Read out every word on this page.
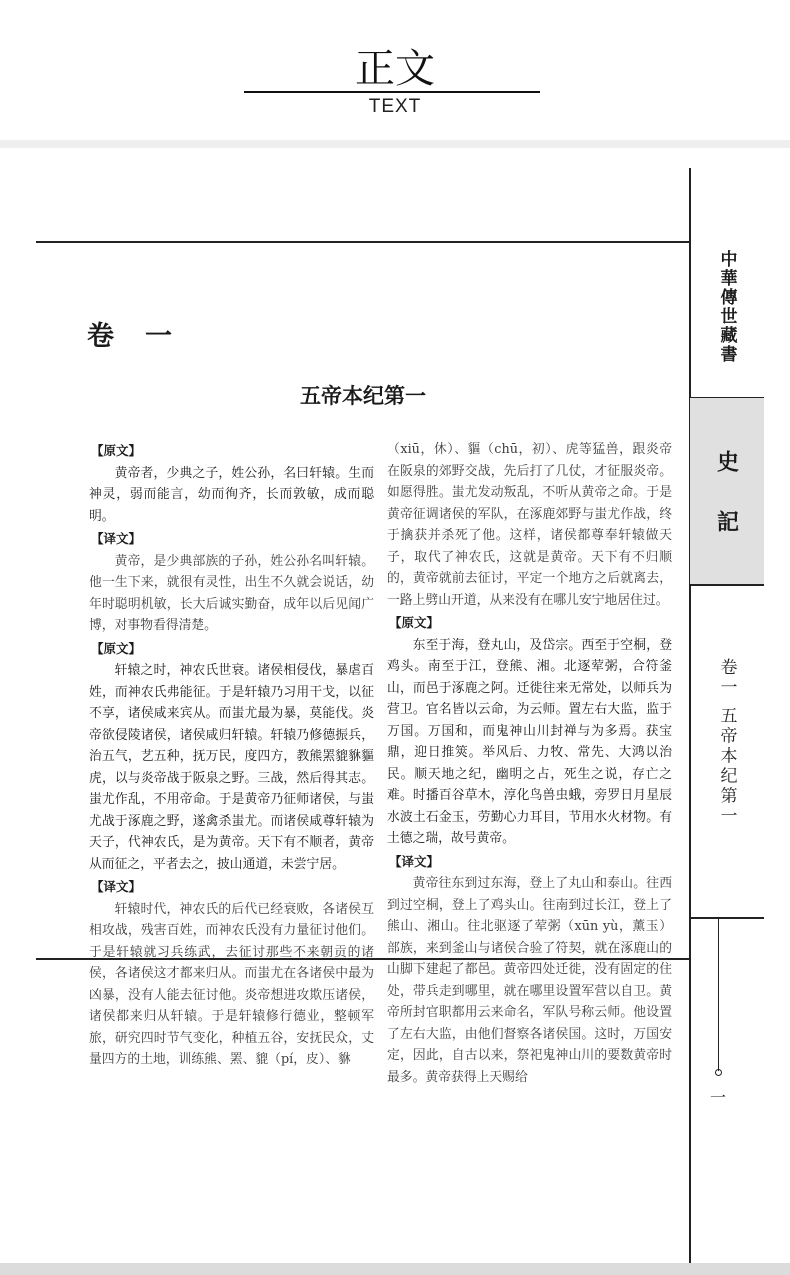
正文
TEXT
卷　一
五帝本纪第一
【原文】

黄帝者，少典之子，姓公孙，名曰轩辕。生而神灵，弱而能言，幼而徇齐，长而敦敏，成而聪明。

【译文】

黄帝，是少典部族的子孙，姓公孙名叫轩辕。他一生下来，就很有灵性，出生不久就会说话，幼年时聪明机敏，长大后诚实勤奋，成年以后见闻广博，对事物看得清楚。

【原文】

轩辕之时，神农氏世衰。诸侯相侵伐，暴虐百姓，而神农氏弗能征。于是轩辕乃习用干戈，以征不享，诸侯咸来宾从。而蚩尤最为暴，莫能伐。炎帝欲侵陵诸侯，诸侯咸归轩辕。轩辕乃修德振兵，治五气，艺五种，抚万民，度四方，教熊罴貔貅貙虎，以与炎帝战于阪泉之野。三战，然后得其志。蚩尤作乱，不用帝命。于是黄帝乃征师诸侯，与蚩尤战于涿鹿之野，遂禽杀蚩尤。而诸侯咸尊轩辕为天子，代神农氏，是为黄帝。天下有不顺者，黄帝从而征之，平者去之，披山通道，未尝宁居。

【译文】

轩辕时代，神农氏的后代已经衰败，各诸侯互相攻战，残害百姓，而神农氏没有力量征讨他们。于是轩辕就习兵练武，去征讨那些不来朝贡的诸侯，各诸侯这才都来归从。而蚩尤在各诸侯中最为凶暴，没有人能去征讨他。炎帝想进攻欺压诸侯，诸侯都来归从轩辕。于是轩辕修行德业，整顿军旅，研究四时节气变化，种植五谷，安抚民众，丈量四方的土地，训练熊、罴、貔（pí，皮）、貅

（xiū，休）、貙（chū，初）、虎等猛兽，跟炎帝在阪泉的郊野交战，先后打了几仗，才征服炎帝。如愿得胜。蚩尤发动叛乱，不听从黄帝之命。于是黄帝征调诸侯的军队，在涿鹿郊野与蚩尤作战，终于擒获并杀死了他。这样，诸侯都尊奉轩辕做天子，取代了神农氏，这就是黄帝。天下有不归顺的，黄帝就前去征讨，平定一个地方之后就离去，一路上劈山开道，从来没有在哪儿安宁地居住过。

【原文】

东至于海，登丸山，及岱宗。西至于空桐，登鸡头。南至于江，登熊、湘。北逐荤粥，合符釜山，而邑于涿鹿之阿。迁徙往来无常处，以师兵为营卫。官名皆以云命，为云师。置左右大监，监于万国。万国和，而鬼神山川封禅与为多焉。获宝鼎，迎日推筴。举风后、力牧、常先、大鸿以治民。顺天地之纪，幽明之占，死生之说，存亡之难。时播百谷草木，淳化鸟兽虫蛾，旁罗日月星辰水波土石金玉，劳勤心力耳目，节用水火材物。有土德之瑞，故号黄帝。

【译文】

黄帝往东到过东海，登上了丸山和泰山。往西到过空桐，登上了鸡头山。往南到过长江，登上了熊山、湘山。往北驱逐了荤粥（xūn yù，薰玉）部族，来到釜山与诸侯合验了符契，就在涿鹿山的山脚下建起了都邑。黄帝四处迁徙，没有固定的住处，带兵走到哪里，就在哪里设置军营以自卫。黄帝所封官职都用云来命名，军队号称云师。他设置了左右大监，由他们督察各诸侯国。这时，万国安定，因此，自古以来，祭祀鬼神山川的要数黄帝时最多。黄帝获得上天赐给

中華傳世藏書
史記
卷一 五帝本纪第一
一
